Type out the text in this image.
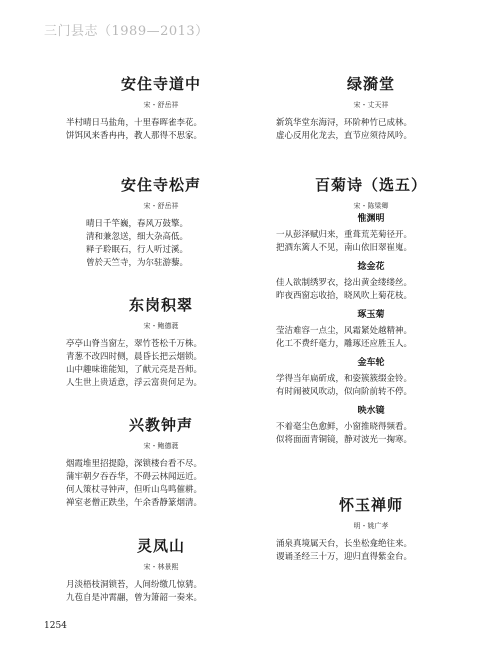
三门县志（1989—2013）
安住寺道中
宋・舒岳祥
半村晴日马盐角，十里春晖雀李花。
饼饵风来香冉冉，教人那得不思家。
安住寺松声
宋・舒岳祥
晴日千竿巍，春风万鼓擎。
清和兼忽送，细大杂高低。
释子聆眠石，行人听过溪。
曾於天竺寺，为尔驻游藜。
东岗积翠
宋・鲍德蕤
亭亭山脊当窗左，翠竹苍松千万株。
青葱不改四时侧，晨昏长把云烟锁。
山中趣味谁能知，了献元亮是吾师。
人生世上贵适意，浮云富贵何足为。
兴教钟声
宋・鲍德蕤
烟霞堆里招提隐，深锁楼台看不尽。
蒲牢朝夕吞吞华，不碍云林闻远近。
何人策杖寻钟声，但听山鸟鸣催耕。
禅室老僧正跌坐，午余香静篆烟清。
灵凤山
宋・林景熙
月淡梧枝洞锁苔，人间纷缴几惊猜。
九苞自是冲霄翮，曾为箫韶一奏来。
绿漪堂
宋・丈天祥
新筑华堂东海浔，环阶种竹已成林。
虚心反用化龙去，直节应须待风吟。
百菊诗（选五）
宋・陈梁卿
惟渊明
一从彭泽赋归来，重葺荒芜菊径开。
把酒东篱人不见，南山依旧翠崔嵬。
捻金花
佳人欲制绣罗衣，捻出黄金缕缕丝。
昨夜西窗忘收拾，晓风吹上菊花枝。
琢玉菊
莹洁难容一点尘，风霜紧处越精神。
化工不费纤毫力，雕琢还应胜玉人。
金车轮
学得当年扁斫成，和姿簇簇缀金铃。
有时闹被风吹动，似向阶前转不停。
映水镜
不着毫尘色愈鲜，小窗推晓得频看。
似将面面青铜镜，静对波光一掬寒。
怀玉禅师
明・姚广孝
涌泉真境属天台，长坐松龛绝往来。
谡诵圣经三十万，迎归直得紫金台。
1254
